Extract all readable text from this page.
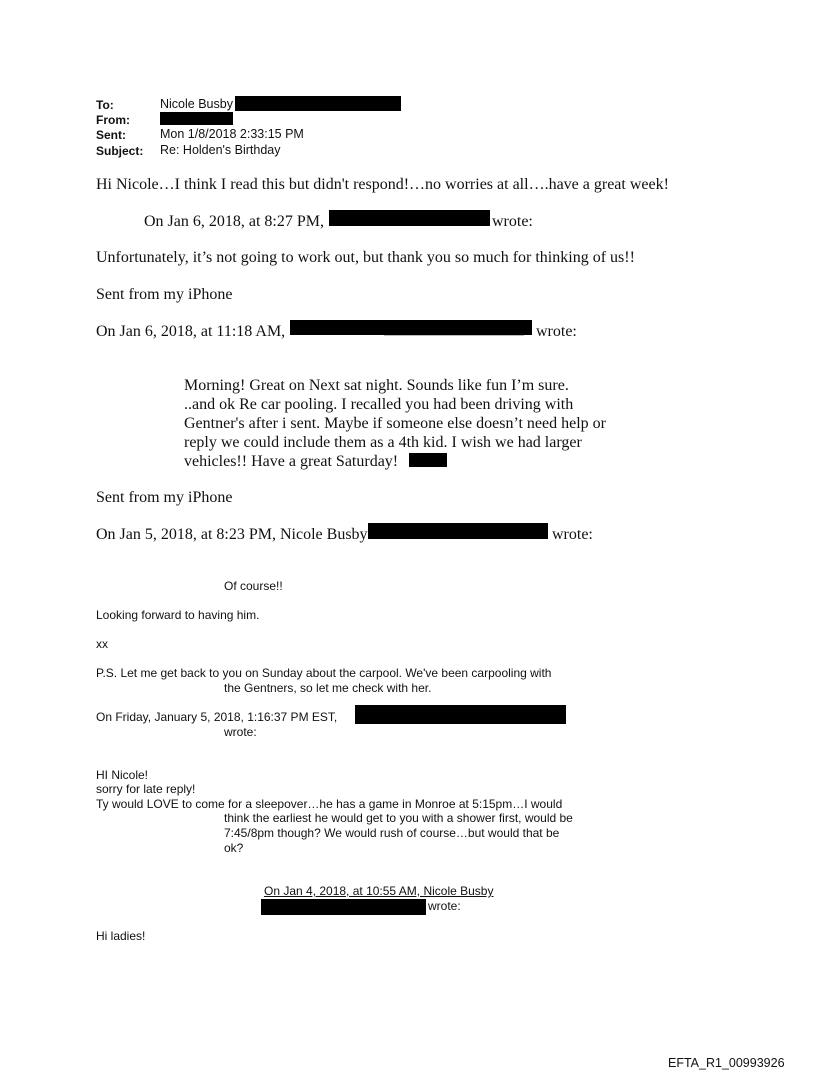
To:	Nicole Busby
From:
Sent:	Mon 1/8/2018 2:33:15 PM
Subject: Re: Holden's Birthday
Hi Nicole…I think I read this but didn't respond!…no worries at all….have a great week!
On Jan 6, 2018, at 8:27 PM,	wrote:
Unfortunately, it’s not going to work out, but thank you so much for thinking of us!!
Sent from my iPhone
On Jan 6, 2018, at 11:18 AM,	wrote:
Morning! Great on Next sat night. Sounds like fun I’m sure.
..and ok Re car pooling. I recalled you had been driving with
Gentner's after i sent. Maybe if someone else doesn’t need help or
reply we could include them as a 4th kid. I wish we had larger
vehicles!! Have a great Saturday!
Sent from my iPhone
On Jan 5, 2018, at 8:23 PM, Nicole Busby	wrote:
Of course!!
Looking forward to having him.
xx
P.S. Let me get back to you on Sunday about the carpool. We've been carpooling with
the Gentners, so let me check with her.
On Friday, January 5, 2018, 1:16:37 PM EST,
wrote:
HI Nicole!
sorry for late reply!
Ty would LOVE to come for a sleepover…he has a game in Monroe at 5:15pm…I would
think the earliest he would get to you with a shower first, would be
7:45/8pm though? We would rush of course…but would that be
ok?
On Jan 4, 2018, at 10:55 AM, Nicole Busby
wrote:
Hi ladies!
EFTA_R1_00993926
